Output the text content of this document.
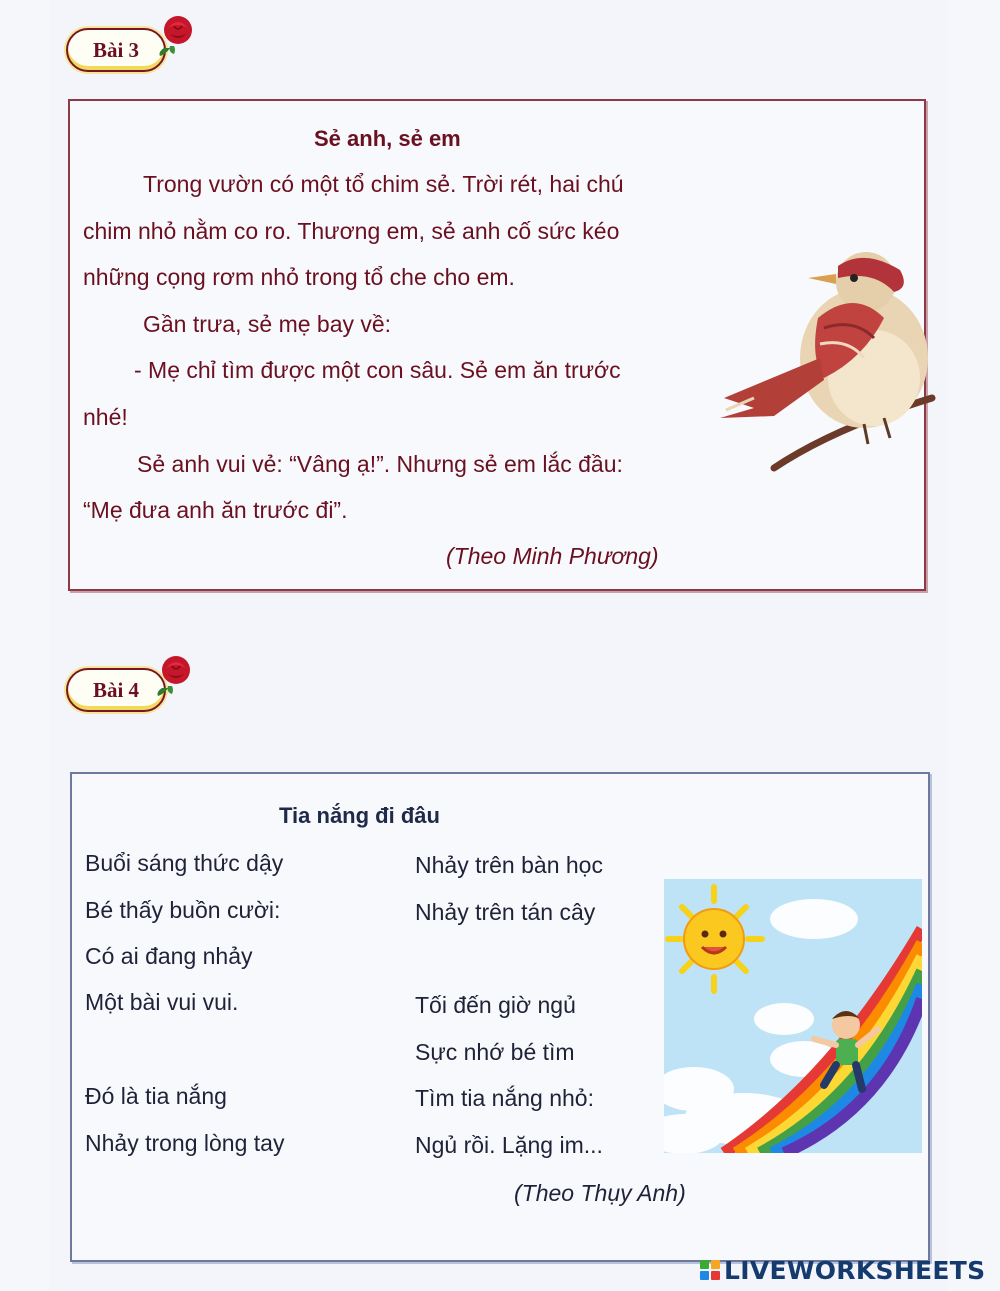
Bài 3
Sẻ anh, sẻ em
Trong vườn có một tổ chim sẻ. Trời rét, hai chú
chim nhỏ nằm co ro. Thương em, sẻ anh cố sức kéo
những cọng rơm nhỏ trong tổ che cho em.
Gần trưa, sẻ mẹ bay về:
- Mẹ chỉ tìm được một con sâu. Sẻ em ăn trước
nhé!
Sẻ anh vui vẻ: “Vâng ạ!”. Nhưng sẻ em lắc đầu:
“Mẹ đưa anh ăn trước đi”.
(Theo Minh Phương)
Bài 4
Tia nắng đi đâu
Buổi sáng thức dậy
Bé thấy buồn cười:
Có ai đang nhảy
Một bài vui vui.
Đó là tia nắng
Nhảy trong lòng tay
Nhảy trên bàn học
Nhảy trên tán cây
Tối đến giờ ngủ
Sực nhớ bé tìm
Tìm tia nắng nhỏ:
Ngủ rồi. Lặng im...
(Theo Thụy Anh)
LIVEWORKSHEETS
